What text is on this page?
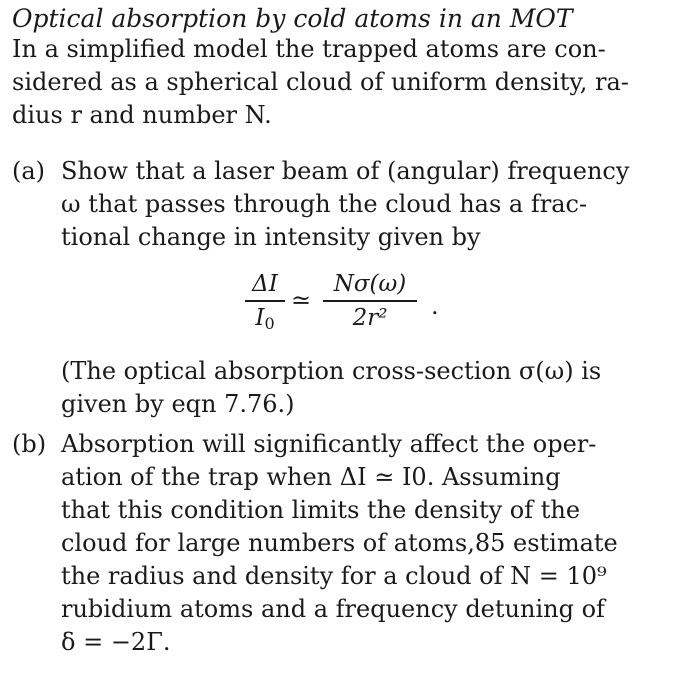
Optical absorption by cold atoms in an MOT
In a simplified model the trapped atoms are con-
sidered as a spherical cloud of uniform density, ra-
dius r and number N.
(a) Show that a laser beam of (angular) frequency
ω that passes through the cloud has a frac-
tional change in intensity given by
ΔI
I0
≃
Nσ(ω)
2r² .
(The optical absorption cross-section σ(ω) is
given by eqn 7.76.)
(b) Absorption will significantly affect the oper-
ation of the trap when ΔI ≃ I0. Assuming
that this condition limits the density of the
cloud for large numbers of atoms,85 estimate
the radius and density for a cloud of N = 10⁹
rubidium atoms and a frequency detuning of
δ = −2Γ.
